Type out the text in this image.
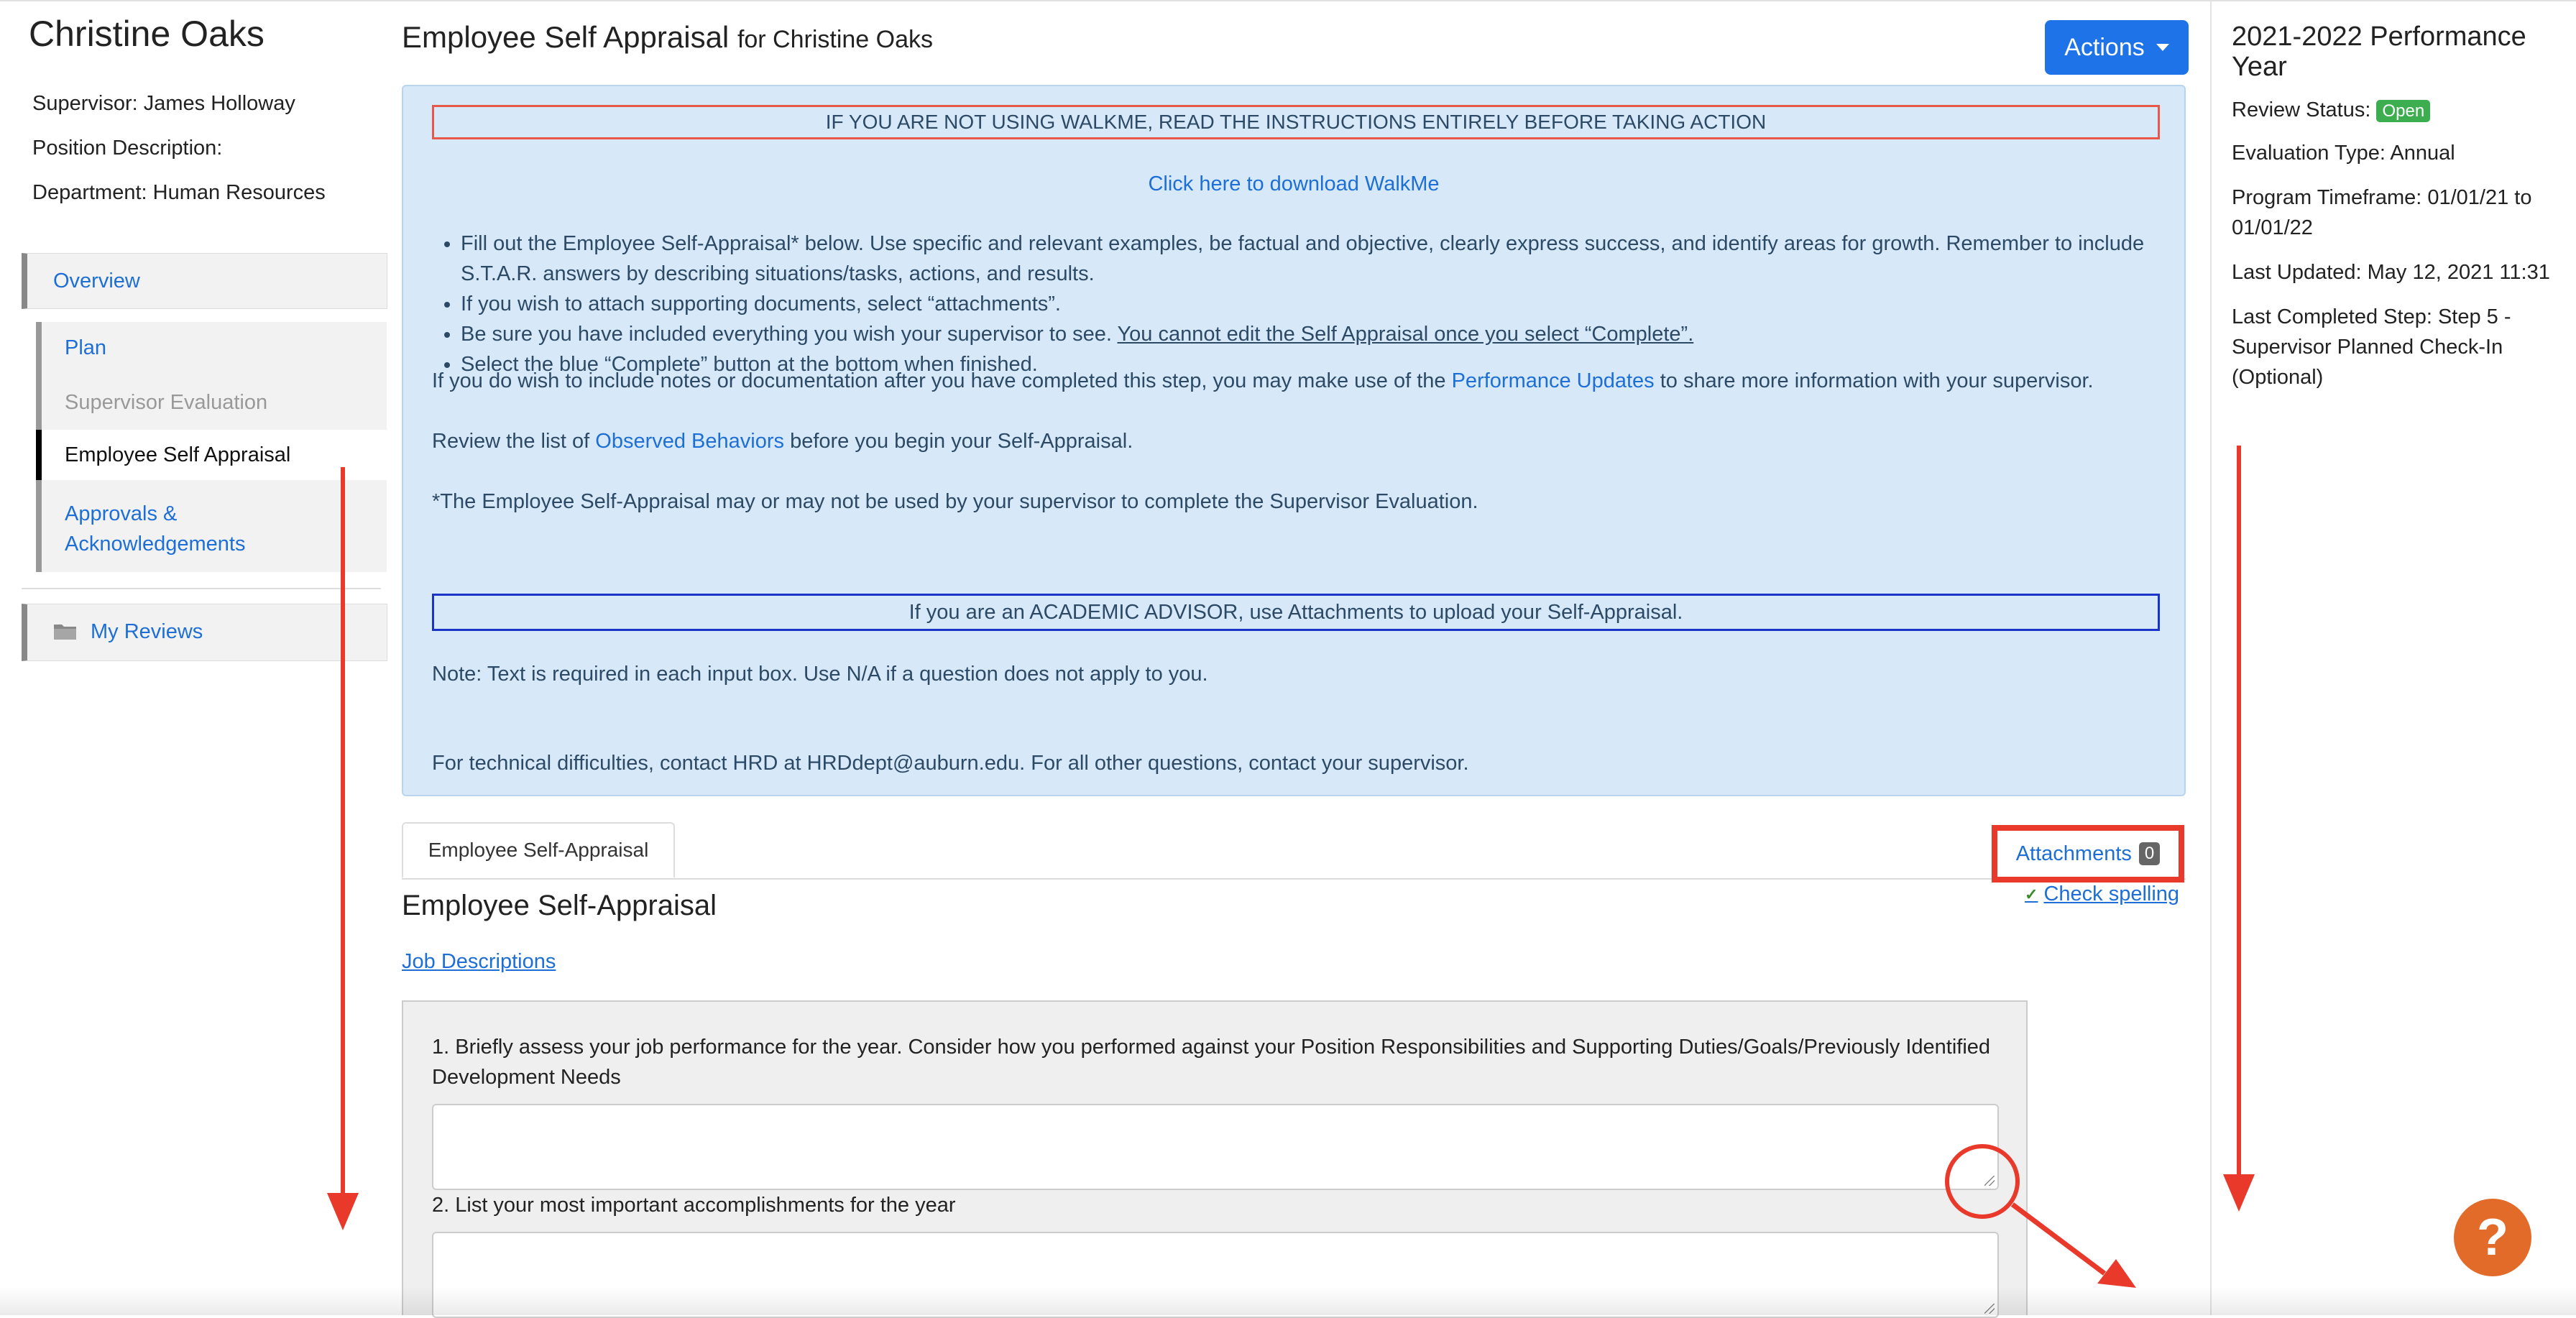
Christine Oaks
Supervisor: James Holloway
Position Description:
Department: Human Resources
Overview
Plan
Supervisor Evaluation
Employee Self Appraisal
Approvals & Acknowledgements
My Reviews
Employee Self Appraisal for Christine Oaks	Actions
IF YOU ARE NOT USING WALKME, READ THE INSTRUCTIONS ENTIRELY BEFORE TAKING ACTION
Click here to download WalkMe
• Fill out the Employee Self-Appraisal* below. Use specific and relevant examples, be factual and objective, clearly express success, and identify areas for growth. Remember to include S.T.A.R. answers by describing situations/tasks, actions, and results.
• If you wish to attach supporting documents, select “attachments”.
• Be sure you have included everything you wish your supervisor to see. You cannot edit the Self Appraisal once you select “Complete”.
• Select the blue “Complete” button at the bottom when finished.
If you do wish to include notes or documentation after you have completed this step, you may make use of the Performance Updates to share more information with your supervisor.
Review the list of Observed Behaviors before you begin your Self-Appraisal.
*The Employee Self-Appraisal may or may not be used by your supervisor to complete the Supervisor Evaluation.
If you are an ACADEMIC ADVISOR, use Attachments to upload your Self-Appraisal.
Note: Text is required in each input box. Use N/A if a question does not apply to you.
For technical difficulties, contact HRD at HRDdept@auburn.edu. For all other questions, contact your supervisor.
Employee Self-Appraisal	Attachments 0
✓ Check spelling
Employee Self-Appraisal
Job Descriptions
1. Briefly assess your job performance for the year. Consider how you performed against your Position Responsibilities and Supporting Duties/Goals/Previously Identified Development Needs
2. List your most important accomplishments for the year
2021-2022 Performance Year
Review Status: Open
Evaluation Type: Annual
Program Timeframe: 01/01/21 to 01/01/22
Last Updated: May 12, 2021 11:31
Last Completed Step: Step 5 - Supervisor Planned Check-In (Optional)
?
